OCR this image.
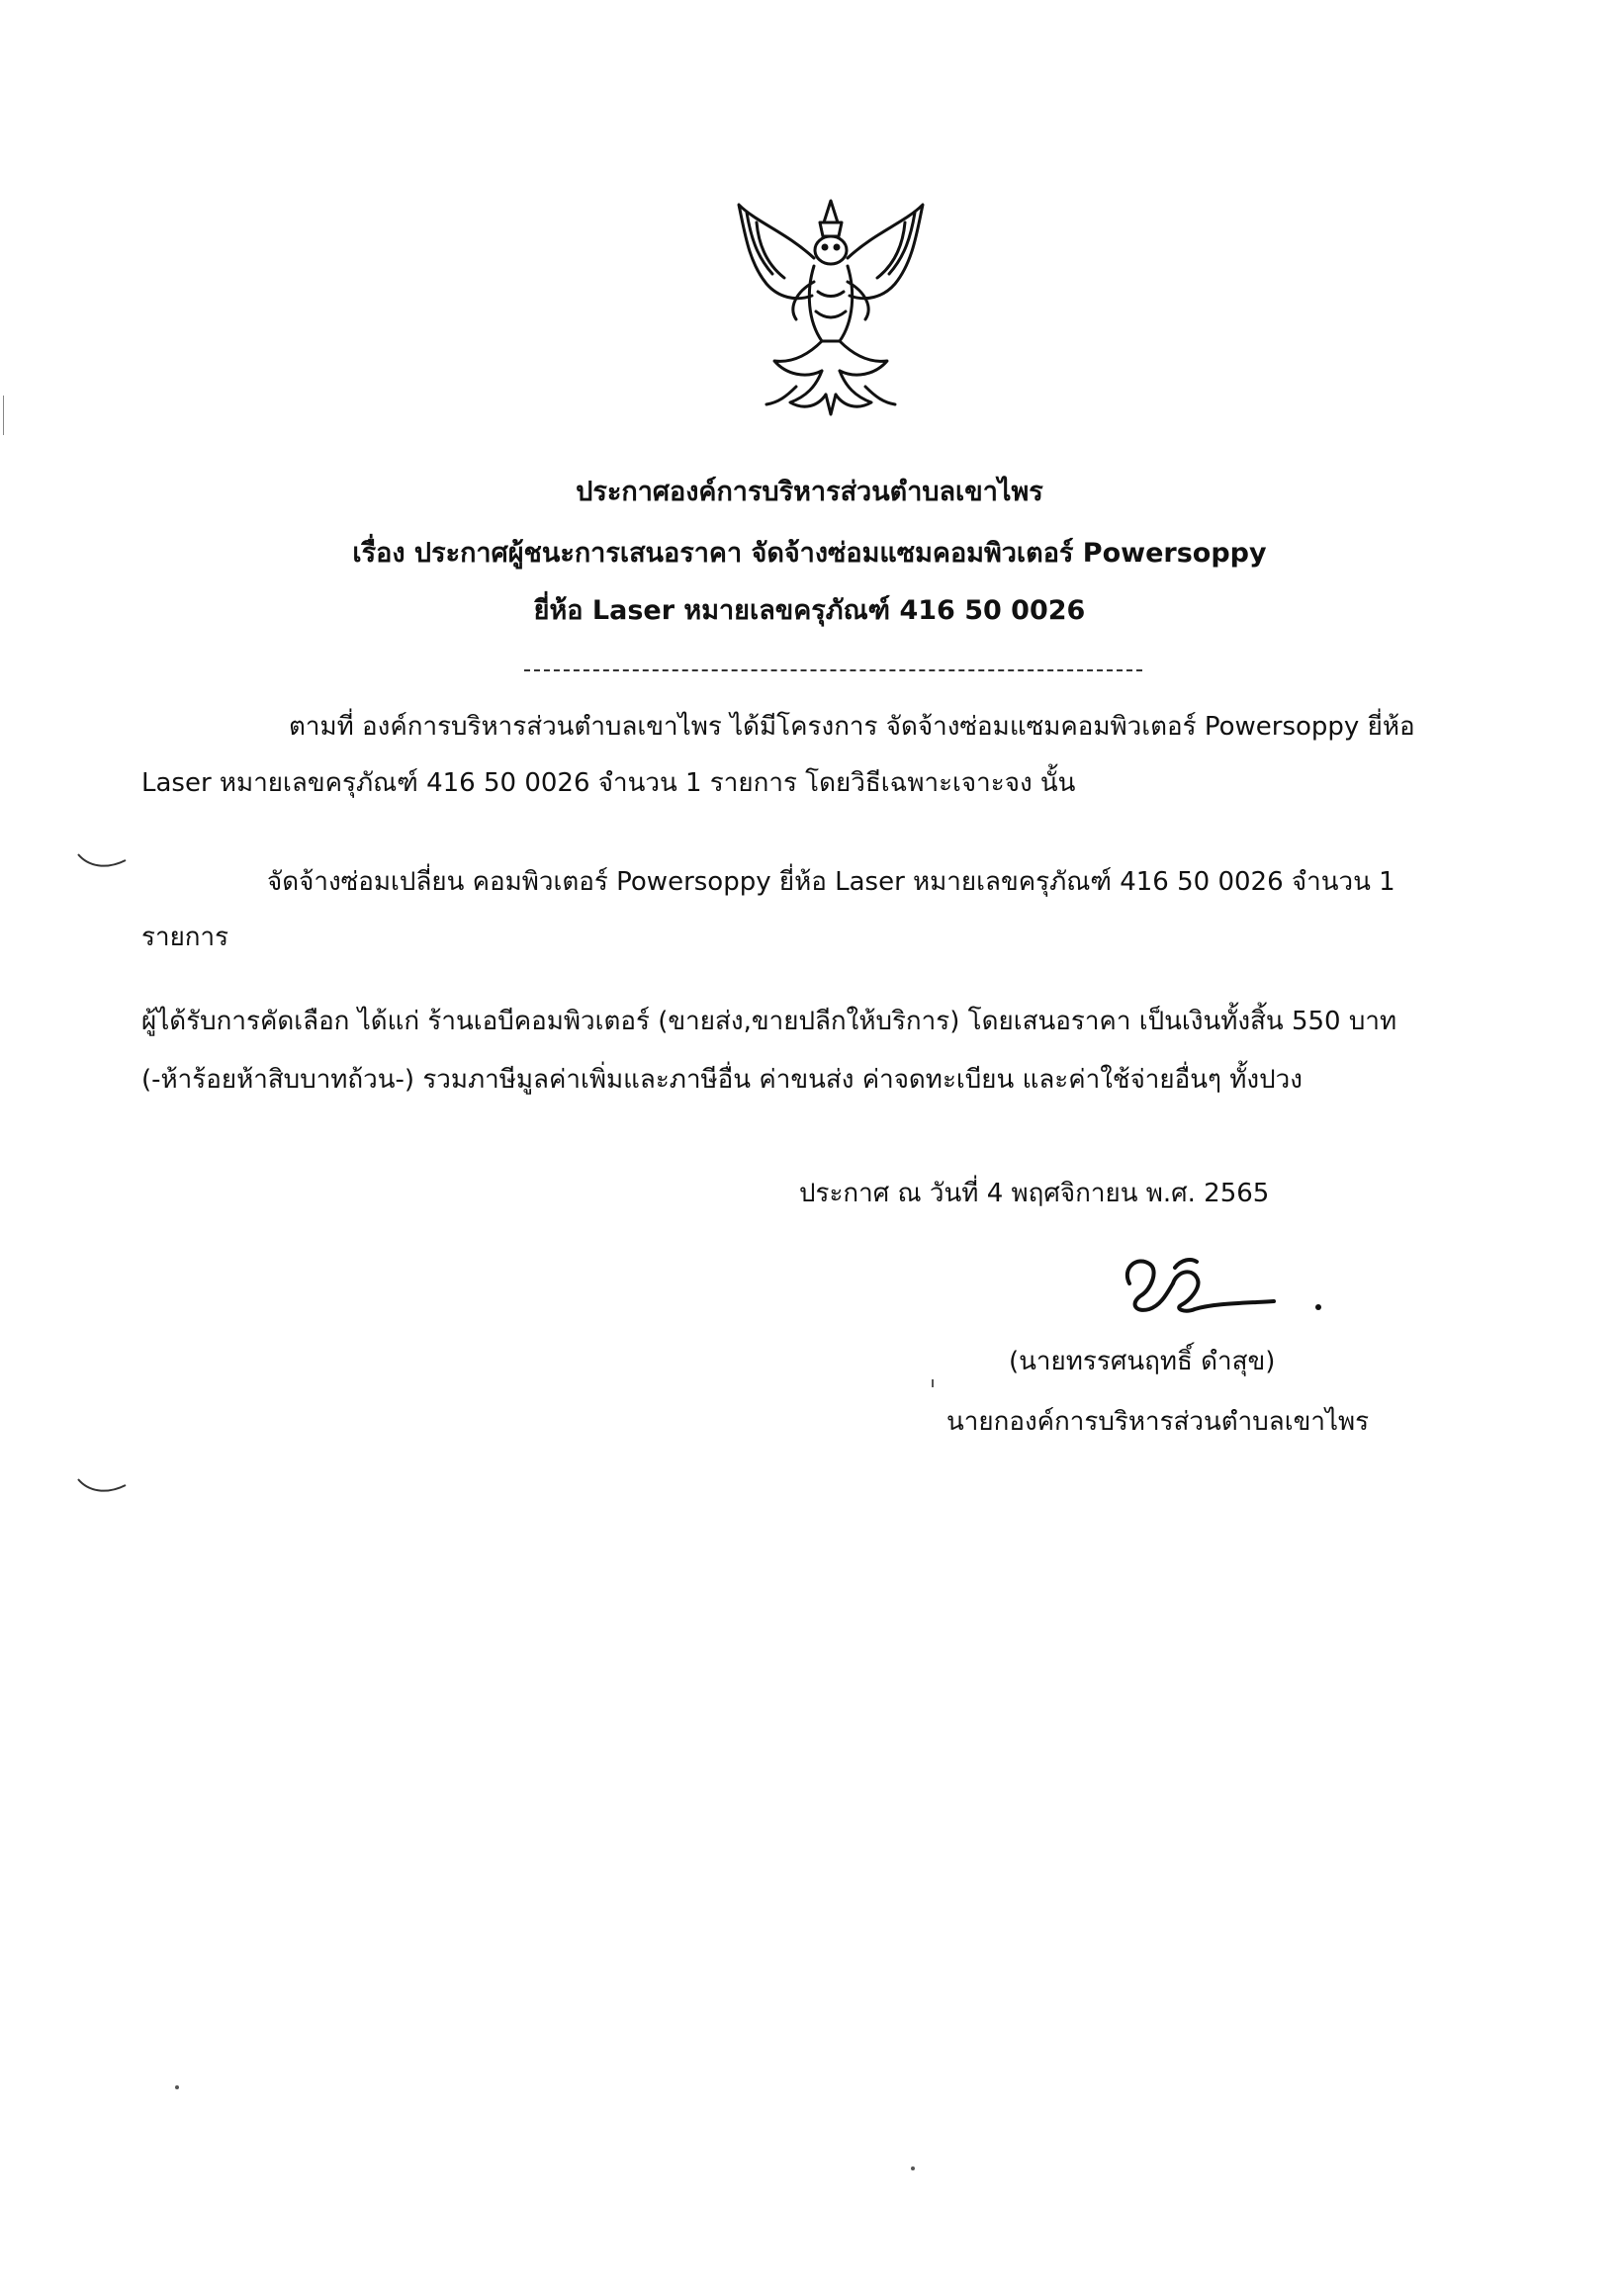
ประกาศองค์การบริหารส่วนตำบลเขาไพร
เรื่อง ประกาศผู้ชนะการเสนอราคา จัดจ้างซ่อมแซมคอมพิวเตอร์ Powersoppy
ยี่ห้อ Laser หมายเลขครุภัณฑ์ 416 50 0026
ตามที่ องค์การบริหารส่วนตำบลเขาไพร ได้มีโครงการ จัดจ้างซ่อมแซมคอมพิวเตอร์ Powersoppy ยี่ห้อ
Laser หมายเลขครุภัณฑ์ 416 50 0026 จำนวน 1 รายการ โดยวิธีเฉพาะเจาะจง นั้น
จัดจ้างซ่อมเปลี่ยน คอมพิวเตอร์ Powersoppy ยี่ห้อ Laser หมายเลขครุภัณฑ์ 416 50 0026 จำนวน 1
รายการ
ผู้ได้รับการคัดเลือก ได้แก่ ร้านเอบีคอมพิวเตอร์ (ขายส่ง,ขายปลีกให้บริการ) โดยเสนอราคา เป็นเงินทั้งสิ้น 550 บาท
(-ห้าร้อยห้าสิบบาทถ้วน-) รวมภาษีมูลค่าเพิ่มและภาษีอื่น ค่าขนส่ง ค่าจดทะเบียน และค่าใช้จ่ายอื่นๆ ทั้งปวง
ประกาศ ณ วันที่ 4 พฤศจิกายน พ.ศ. 2565
(นายทรรศนฤทธิ์ ดำสุข)
นายกองค์การบริหารส่วนตำบลเขาไพร
